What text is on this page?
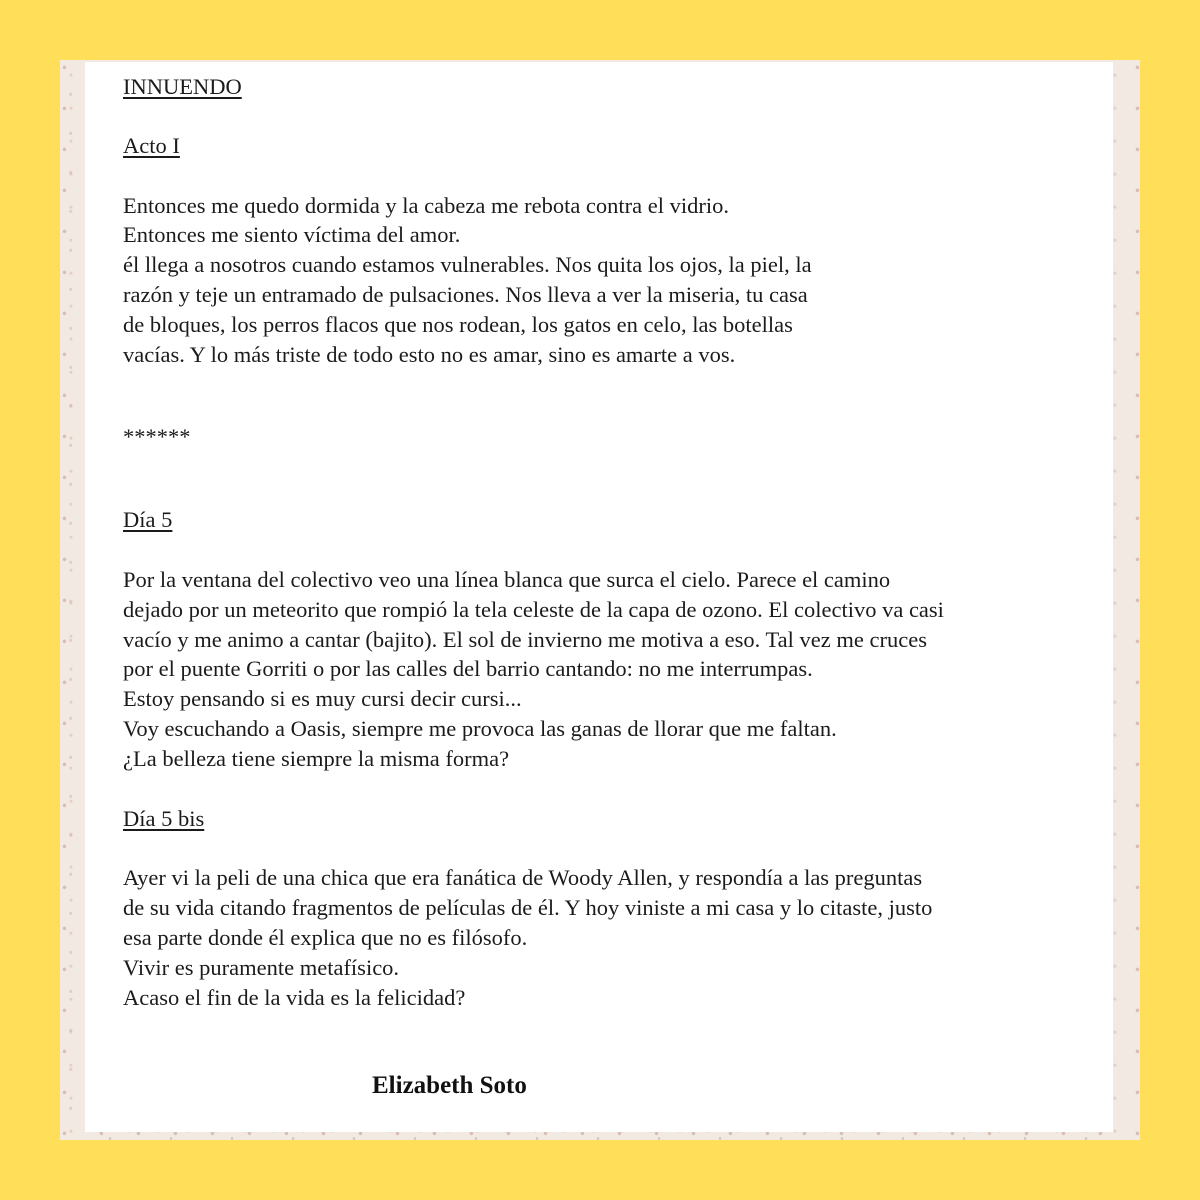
INNUENDO

Acto I

Entonces me quedo dormida y la cabeza me rebota contra el vidrio.
Entonces me siento víctima del amor.
él llega a nosotros cuando estamos vulnerables. Nos quita los ojos, la piel, la
razón y teje un entramado de pulsaciones. Nos lleva a ver la miseria, tu casa
de bloques, los perros flacos que nos rodean, los gatos en celo, las botellas
vacías. Y lo más triste de todo esto no es amar, sino es amarte a vos.

******

Día 5

Por la ventana del colectivo veo una línea blanca que surca el cielo. Parece el camino
dejado por un meteorito que rompió la tela celeste de la capa de ozono. El colectivo va casi
vacío y me animo a cantar (bajito). El sol de invierno me motiva a eso. Tal vez me cruces
por el puente Gorriti o por las calles del barrio cantando: no me interrumpas.
Estoy pensando si es muy cursi decir cursi...
Voy escuchando a Oasis, siempre me provoca las ganas de llorar que me faltan.
¿La belleza tiene siempre la misma forma?

Día 5 bis

Ayer vi la peli de una chica que era fanática de Woody Allen, y respondía a las preguntas
de su vida citando fragmentos de películas de él. Y hoy viniste a mi casa y lo citaste, justo
esa parte donde él explica que no es filósofo.
Vivir es puramente metafísico.
Acaso el fin de la vida es la felicidad?

Elizabeth Soto
